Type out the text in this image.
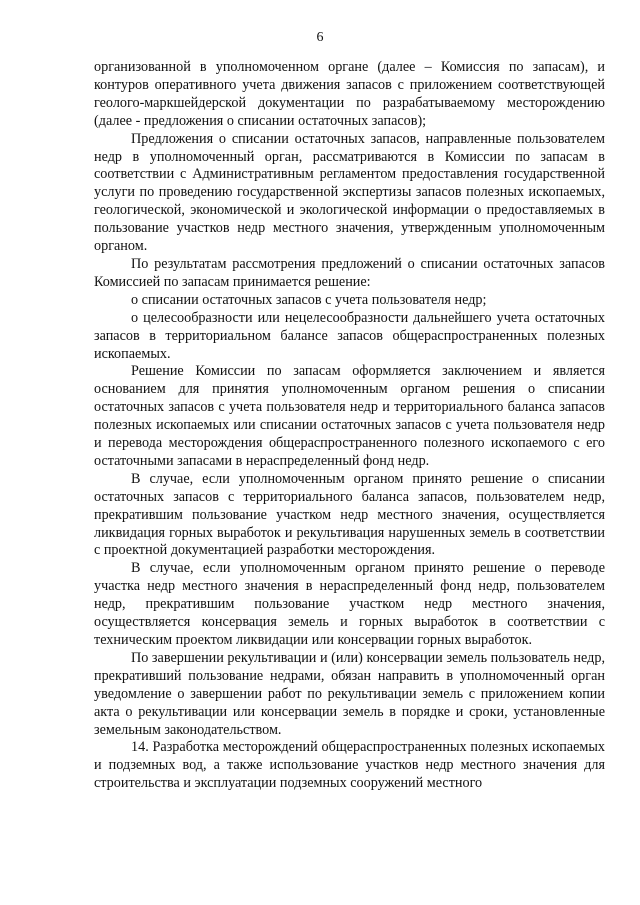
6

организованной в уполномоченном органе (далее – Комиссия по запасам), и контуров оперативного учета движения запасов с приложением соответствующей геолого-маркшейдерской документации по разрабатываемому месторождению (далее - предложения о списании остаточных запасов);

Предложения о списании остаточных запасов, направленные пользователем недр в уполномоченный орган, рассматриваются в Комиссии по запасам в соответствии с Административным регламентом предоставления государственной услуги по проведению государственной экспертизы запасов полезных ископаемых, геологической, экономической и экологической информации о предоставляемых в пользование участков недр местного значения, утвержденным уполномоченным органом.

По результатам рассмотрения предложений о списании остаточных запасов Комиссией по запасам принимается решение:

о списании остаточных запасов с учета пользователя недр;

о целесообразности или нецелесообразности дальнейшего учета остаточных запасов в территориальном балансе запасов общераспространенных полезных ископаемых.

Решение Комиссии по запасам оформляется заключением и является основанием для принятия уполномоченным органом решения о списании остаточных запасов с учета пользователя недр и территориального баланса запасов полезных ископаемых или списании остаточных запасов с учета пользователя недр и перевода месторождения общераспространенного полезного ископаемого с его остаточными запасами в нераспределенный фонд недр.

В случае, если уполномоченным органом принято решение о списании остаточных запасов с территориального баланса запасов, пользователем недр, прекратившим пользование участком недр местного значения, осуществляется ликвидация горных выработок и рекультивация нарушенных земель в соответствии с проектной документацией разработки месторождения.

В случае, если уполномоченным органом принято решение о переводе участка недр местного значения в нераспределенный фонд недр, пользователем недр, прекратившим пользование участком недр местного значения, осуществляется консервация земель и горных выработок в соответствии с техническим проектом ликвидации или консервации горных выработок.

По завершении рекультивации и (или) консервации земель пользователь недр, прекративший пользование недрами, обязан направить в уполномоченный орган уведомление о завершении работ по рекультивации земель с приложением копии акта о рекультивации или консервации земель в порядке и сроки, установленные земельным законодательством.

14. Разработка месторождений общераспространенных полезных ископаемых и подземных вод, а также использование участков недр местного значения для строительства и эксплуатации подземных сооружений местного
